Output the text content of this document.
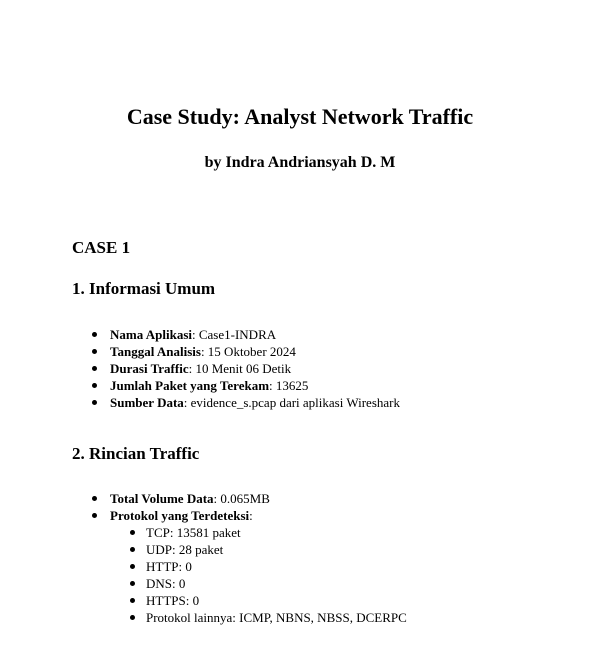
Case Study: Analyst Network Traffic
by Indra Andriansyah D. M
CASE 1
1. Informasi Umum
Nama Aplikasi: Case1-INDRA
Tanggal Analisis: 15 Oktober 2024
Durasi Traffic: 10 Menit 06 Detik
Jumlah Paket yang Terekam: 13625
Sumber Data: evidence_s.pcap dari aplikasi Wireshark
2. Rincian Traffic
Total Volume Data: 0.065MB
Protokol yang Terdeteksi:
TCP: 13581 paket
UDP: 28 paket
HTTP: 0
DNS: 0
HTTPS: 0
Protokol lainnya: ICMP, NBNS, NBSS, DCERPC
